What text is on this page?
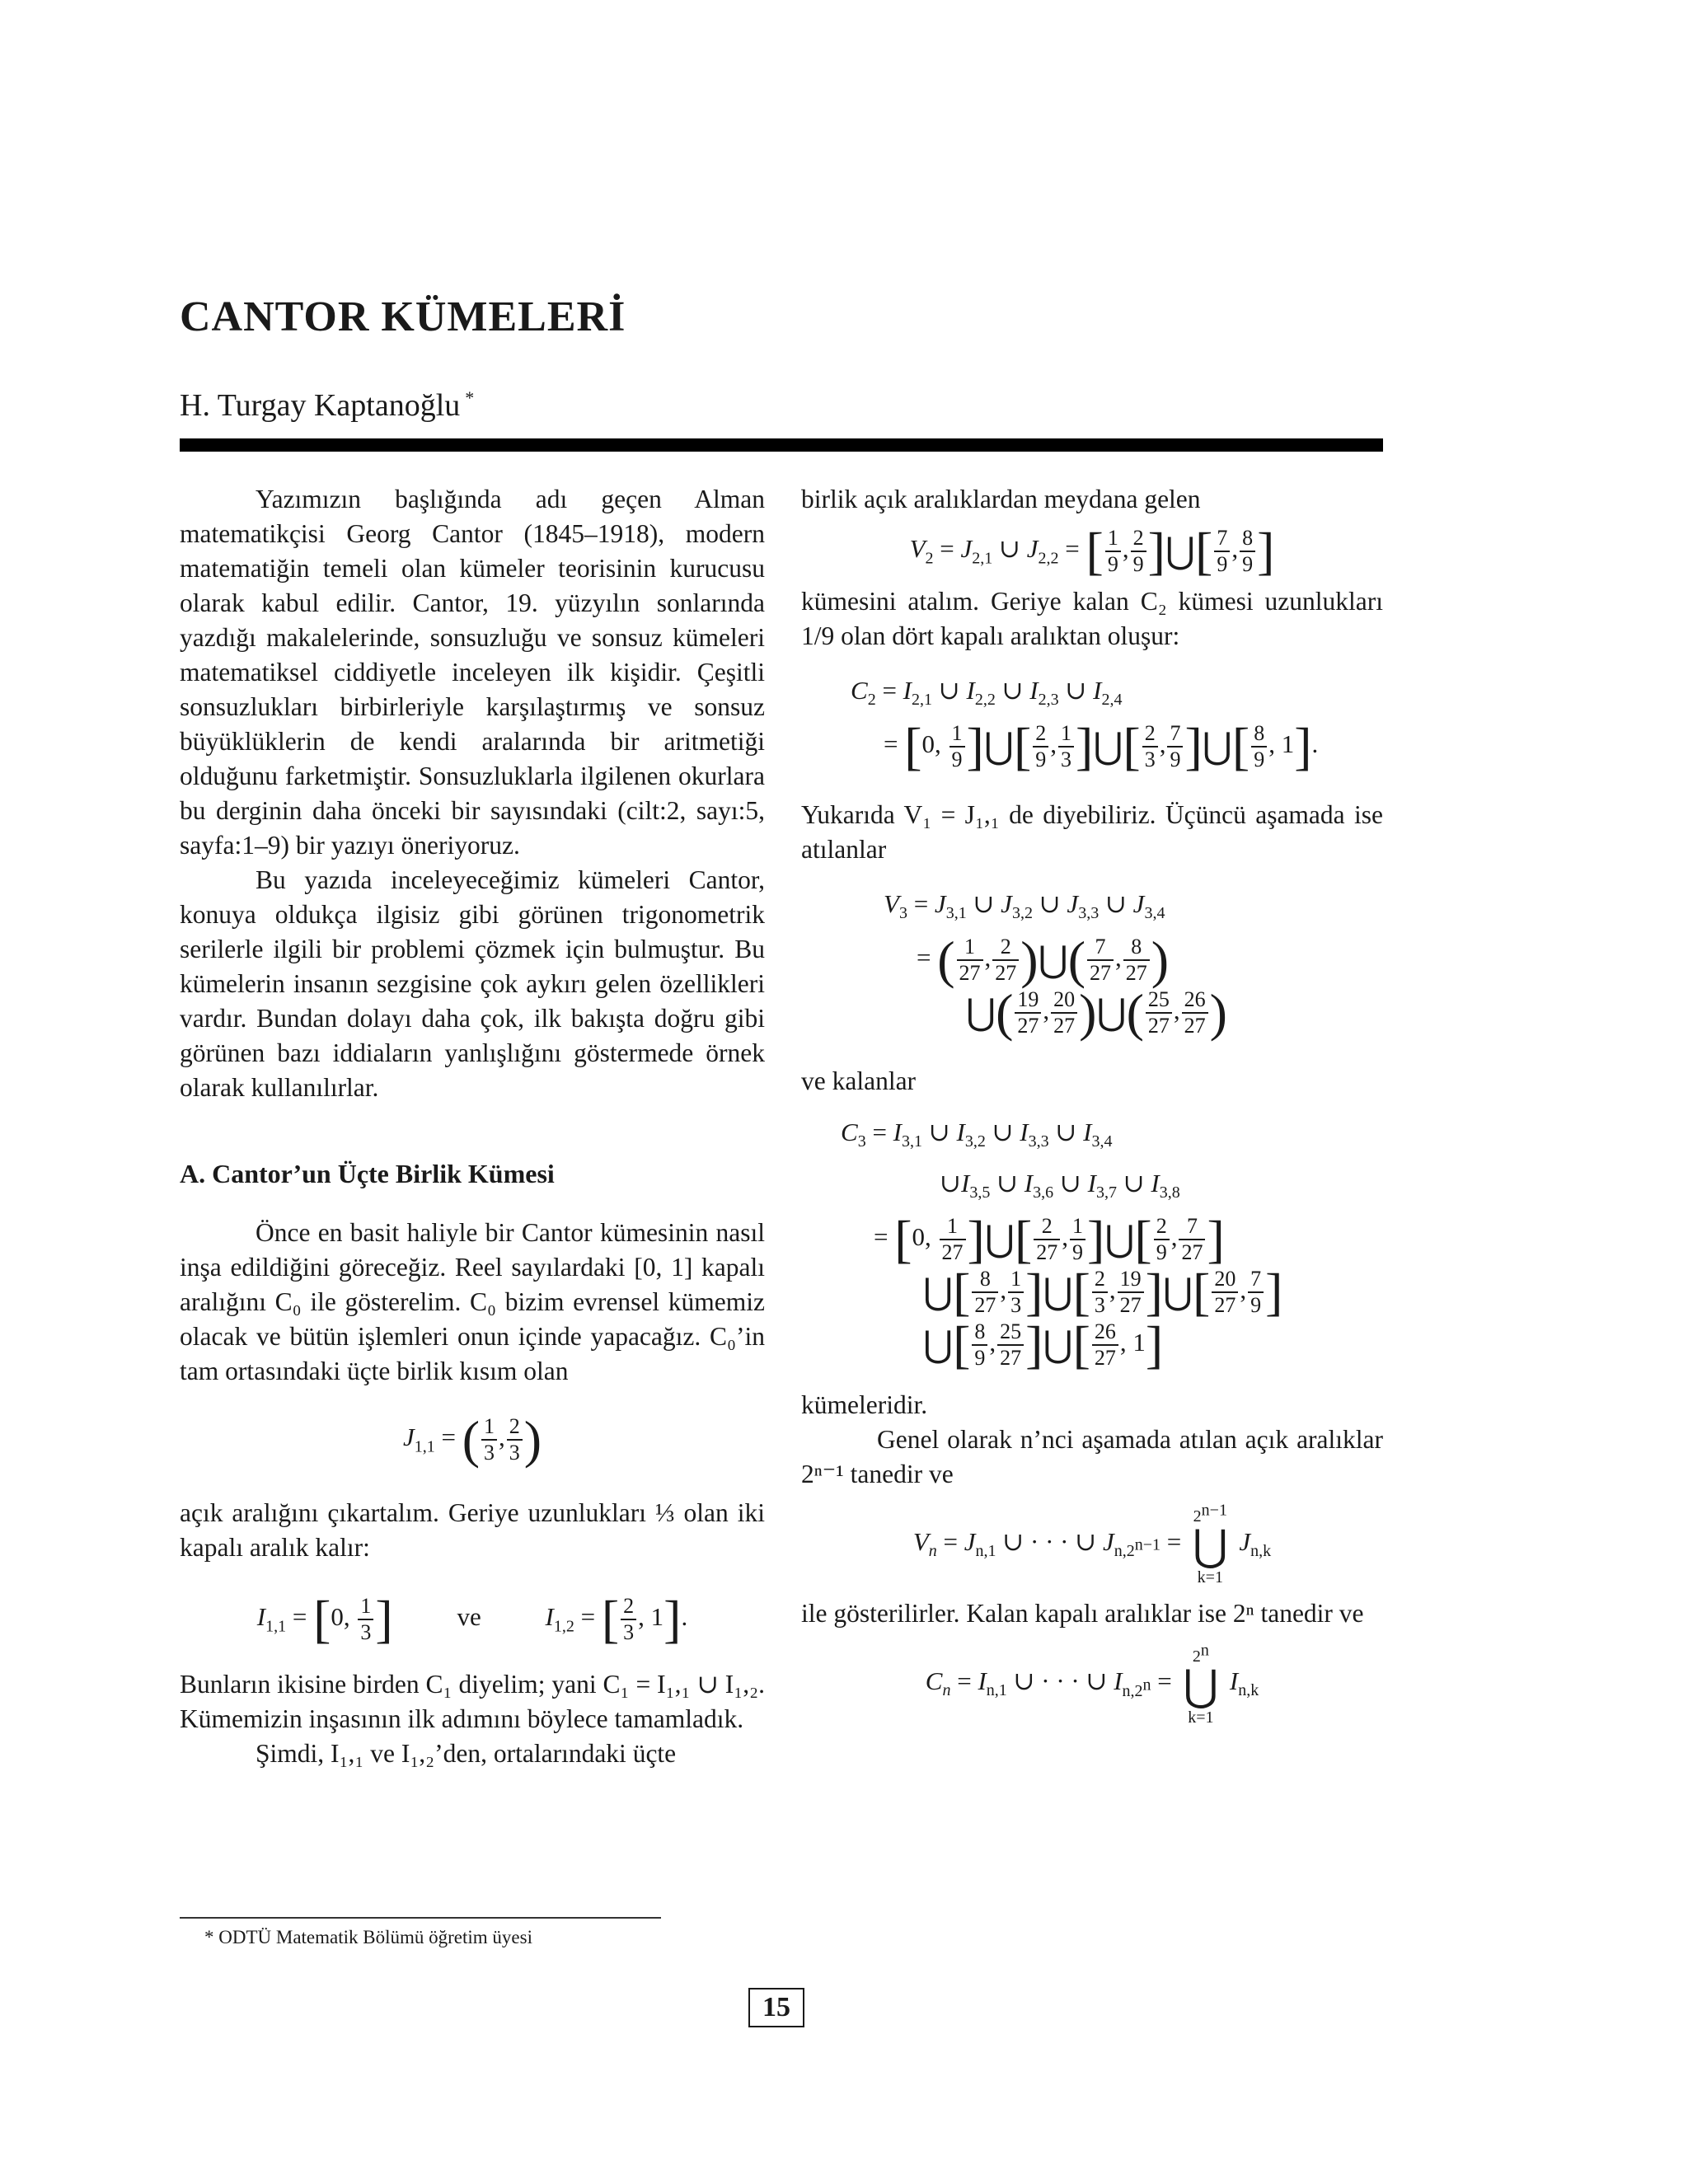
CANTOR KÜMELERİ
H. Turgay Kaptanoğlu *

Yazımızın başlığında adı geçen Alman matematikçisi Georg Cantor (1845–1918), modern matematiğin temeli olan kümeler teorisinin kurucusu olarak kabul edilir. Cantor, 19. yüzyılın sonlarında yazdığı makalelerinde, sonsuzluğu ve sonsuz kümeleri matematiksel ciddiyetle inceleyen ilk kişidir. Çeşitli sonsuzlukları birbirleriyle karşılaştırmış ve sonsuz büyüklüklerin de kendi aralarında bir aritmetiği olduğunu farketmiştir. Sonsuzluklarla ilgilenen okurlara bu derginin daha önceki bir sayısındaki (cilt:2, sayı:5, sayfa:1–9) bir yazıyı öneriyoruz.

Bu yazıda inceleyeceğimiz kümeleri Cantor, konuya oldukça ilgisiz gibi görünen trigonometrik serilerle ilgili bir problemi çözmek için bulmuştur. Bu kümelerin insanın sezgisine çok aykırı gelen özellikleri vardır. Bundan dolayı daha çok, ilk bakışta doğru gibi görünen bazı iddiaların yanlışlığını göstermede örnek olarak kullanılırlar.

A. Cantor’un Üçte Birlik Kümesi

Önce en basit haliyle bir Cantor kümesinin nasıl inşa edildiğini göreceğiz. Reel sayılardaki [0, 1] kapalı aralığını C₀ ile gösterelim. C₀ bizim evrensel kümemiz olacak ve bütün işlemleri onun içinde yapacağız. C₀’in tam ortasındaki üçte birlik kısım olan

$J_{1,1}$ = ( $\frac{1}{3}$ , $\frac{2}{3}$ )

açık aralığını çıkartalım. Geriye uzunlukları ⅓ olan iki kapalı aralık kalır:

$I_{1,1} = [0$, $\frac{1}{3}$ ]	ve	$I_{1,2}$ = [ $\frac{2}{3}$ , 1].

Bunların ikisine birden C₁ diyelim; yani C₁ = I₁,₁ ∪ I₁,₂. Kümemizin inşasının ilk adımını böylece tamamladık.

Şimdi, I₁,₁ ve I₁,₂’den, ortalarındaki üçte

birlik açık aralıklardan meydana gelen

$V_2 = J_{2,1}$ ∪ $J_{2,2}$ = [ $\frac{1}{9}$ , $\frac{2}{9}$ ]⋃[ $\frac{7}{9}$ , $\frac{8}{9}$ ]

kümesini atalım. Geriye kalan C₂ kümesi uzunlukları 1/9 olan dört kapalı aralıktan oluşur:

$C_2 = I_{2,1}$ ∪ $I_{2,2}$ ∪ $I_{2,3}$ ∪ $I_{2,4}$
= [0, $\frac{1}{9}$ ]⋃[ $\frac{2}{9}$ , $\frac{1}{3}$ ]⋃[ $\frac{2}{3}$ , $\frac{7}{9}$ ]⋃[ $\frac{8}{9}$ , 1].

Yukarıda V₁ = J₁,₁ de diyebiliriz. Üçüncü aşamada ise atılanlar

$V_3 = J_{3,1}$ ∪ $J_{3,2}$ ∪ $J_{3,3}$ ∪ $J_{3,4}$
= ( $\frac{1}{27}$ , $\frac{2}{27}$ )⋃( $\frac{7}{27}$ , $\frac{8}{27}$ )
⋃( $\frac{19}{27}$ , $\frac{20}{27}$ )⋃( $\frac{25}{27}$ , $\frac{26}{27}$ )

ve kalanlar

$C_3 = I_{3,1}$ ∪ $I_{3,2}$ ∪ $I_{3,3}$ ∪ $I_{3,4}$
$\cup I_{3,5}$ ∪ $I_{3,6}$ ∪ $I_{3,7}$ ∪ $I_{3,8}$
= [0, $\frac{1}{27}$ ]⋃[ $\frac{2}{27}$ , $\frac{1}{9}$ ]⋃[ $\frac{2}{9}$ , $\frac{7}{27}$ ]
⋃[ $\frac{8}{27}$ , $\frac{1}{3}$ ]⋃[ $\frac{2}{3}$ , $\frac{19}{27}$ ]⋃[ $\frac{20}{27}$ , $\frac{7}{9}$ ]
⋃[ $\frac{8}{9}$ , $\frac{25}{27}$ ]⋃[ $\frac{26}{27}$ , 1]

kümeleridir.

Genel olarak n’nci aşamada atılan açık aralıklar 2ⁿ⁻¹ tanedir ve

$V_n = J_{n,1}$ ∪ · · · ∪ $J_{n,2^{n-1}} = 2^{n-1}$
⋃
k=1 $J_{n,k}$

ile gösterilirler. Kalan kapalı aralıklar ise 2ⁿ tanedir ve

$C_n = I_{n,1}$ ∪ · · · ∪ $I_{n,2^n} = 2^n$
⋃
k=1 $I_{n,k}$
* ODTÜ Matematik Bölümü öğretim üyesi
15
